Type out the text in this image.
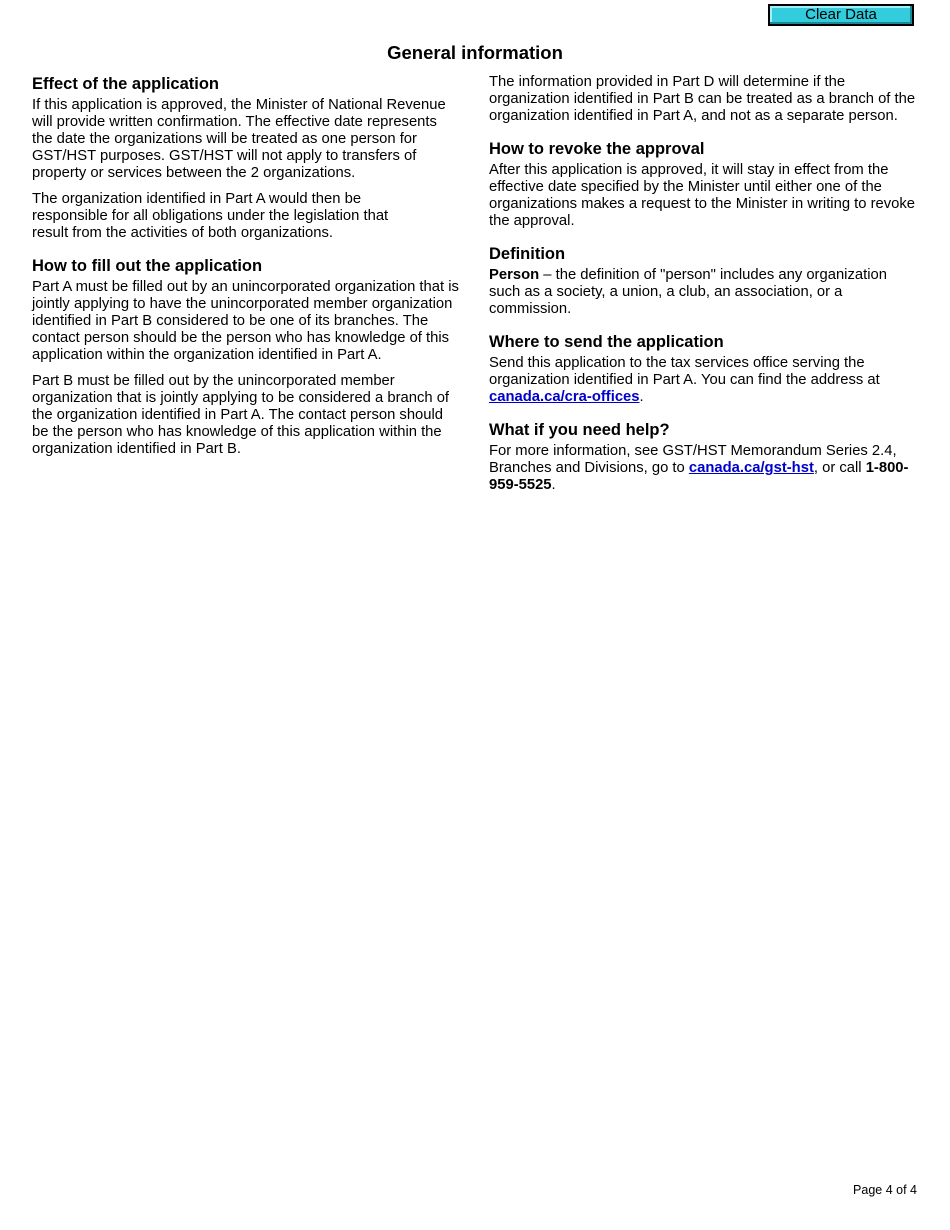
Clear Data
General information
Effect of the application

If this application is approved, the Minister of National Revenue will provide written confirmation. The effective date represents the date the organizations will be treated as one person for GST/HST purposes. GST/HST will not apply to transfers of property or services between the 2 organizations.

The organization identified in Part A would then be responsible for all obligations under the legislation that result from the activities of both organizations.

How to fill out the application

Part A must be filled out by an unincorporated organization that is jointly applying to have the unincorporated member organization identified in Part B considered to be one of its branches. The contact person should be the person who has knowledge of this application within the organization identified in Part A.

Part B must be filled out by the unincorporated member organization that is jointly applying to be considered a branch of the organization identified in Part A. The contact person should be the person who has knowledge of this application within the organization identified in Part B.

The information provided in Part D will determine if the organization identified in Part B can be treated as a branch of the organization identified in Part A, and not as a separate person.

How to revoke the approval

After this application is approved, it will stay in effect from the effective date specified by the Minister until either one of the organizations makes a request to the Minister in writing to revoke the approval.

Definition

Person – the definition of "person" includes any organization such as a society, a union, a club, an association, or a commission.

Where to send the application

Send this application to the tax services office serving the organization identified in Part A. You can find the address at canada.ca/cra-offices.

What if you need help?

For more information, see GST/HST Memorandum Series 2.4, Branches and Divisions, go to canada.ca/gst-hst, or call 1-800-959-5525.

Page 4 of 4
